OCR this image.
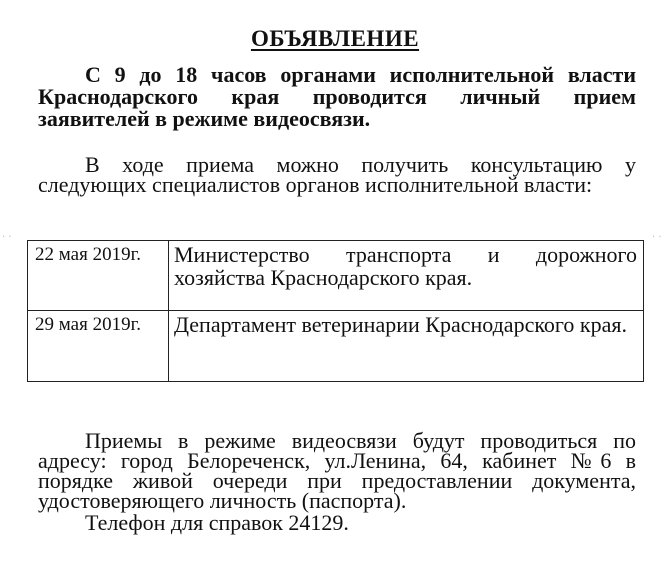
ОБЪЯВЛЕНИЕ
С 9 до 18 часов органами исполнительной власти Краснодарского края проводится личный прием заявителей в режиме видеосвязи.
В ходе приема можно получить консультацию у следующих специалистов органов исполнительной власти:
22 мая 2019г.	Министерство транспорта и дорожного хозяйства Краснодарского края.
29 мая 2019г.	Департамент ветеринарии Краснодарского края.
Приемы в режиме видеосвязи будут проводиться по адресу: город Белореченск, ул.Ленина, 64, кабинет №6 в порядке живой очереди при предоставлении документа, удостоверяющего личность (паспорта).
Телефон для справок 24129.
· ·	· ·
